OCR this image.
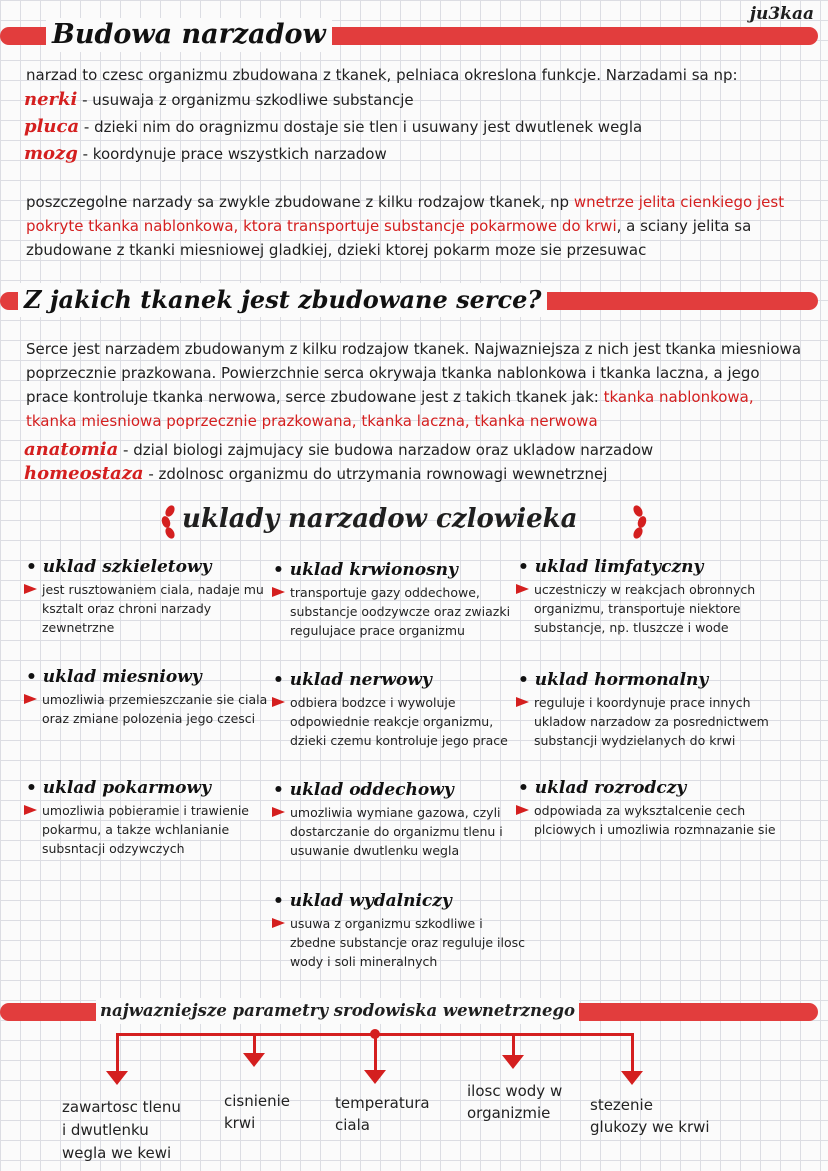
ju3kaa
Budowa narzadow
narzad to czesc organizmu zbudowana z tkanek, pelniaca okreslona funkcje. Narzadami sa np:
nerki - usuwaja z organizmu szkodliwe substancje
pluca - dzieki nim do oragnizmu dostaje sie tlen i usuwany jest dwutlenek wegla
mozg - koordynuje prace wszystkich narzadow
poszczegolne narzady sa zwykle zbudowane z kilku rodzajow tkanek, np wnetrze jelita cienkiego jest pokryte tkanka nablonkowa, ktora transportuje substancje pokarmowe do krwi, a sciany jelita sa zbudowane z tkanki miesniowej gladkiej, dzieki ktorej pokarm moze sie przesuwac
Z jakich tkanek jest zbudowane serce?
Serce jest narzadem zbudowanym z kilku rodzajow tkanek. Najwazniejsza z nich jest tkanka miesniowa poprzecznie prazkowana. Powierzchnie serca okrywaja tkanka nablonkowa i tkanka laczna, a jego prace kontroluje tkanka nerwowa, serce zbudowane jest z takich tkanek jak: tkanka nablonkowa, tkanka miesniowa poprzecznie prazkowana, tkanka laczna, tkanka nerwowa
anatomia - dzial biologi zajmujacy sie budowa narzadow oraz ukladow narzadow
homeostaza - zdolnosc organizmu do utrzymania rownowagi wewnetrznej
uklady narzadow czlowieka
• uklad szkieletowy
jest rusztowaniem ciala, nadaje mu ksztalt oraz chroni narzady zewnetrzne
• uklad miesniowy
umozliwia przemieszczanie sie ciala oraz zmiane polozenia jego czesci
• uklad pokarmowy
umozliwia pobieramie i trawienie pokarmu, a takze wchlanianie subsntacji odzywczych
• uklad krwionosny
transportuje gazy oddechowe, substancje oodzywcze oraz zwiazki regulujace prace organizmu
• uklad nerwowy
odbiera bodzce i wywoluje odpowiednie reakcje organizmu, dzieki czemu kontroluje jego prace
• uklad oddechowy
umozliwia wymiane gazowa, czyli dostarczanie do organizmu tlenu i usuwanie dwutlenku wegla
• uklad wydalniczy
usuwa z organizmu szkodliwe i zbedne substancje oraz reguluje ilosc wody i soli mineralnych
• uklad limfatyczny
uczestniczy w reakcjach obronnych organizmu, transportuje niektore substancje, np. tluszcze i wode
• uklad hormonalny
reguluje i koordynuje prace innych ukladow narzadow za posrednictwem substancji wydzielanych do krwi
• uklad rozrodczy
odpowiada za wyksztalcenie cech plciowych i umozliwia rozmnazanie sie
najwazniejsze parametry srodowiska wewnetrznego
zawartosc tlenu
i dwutlenku
wegla we kewi
cisnienie
krwi
temperatura
ciala
ilosc wody w
organizmie	stezenie
glukozy we krwi
